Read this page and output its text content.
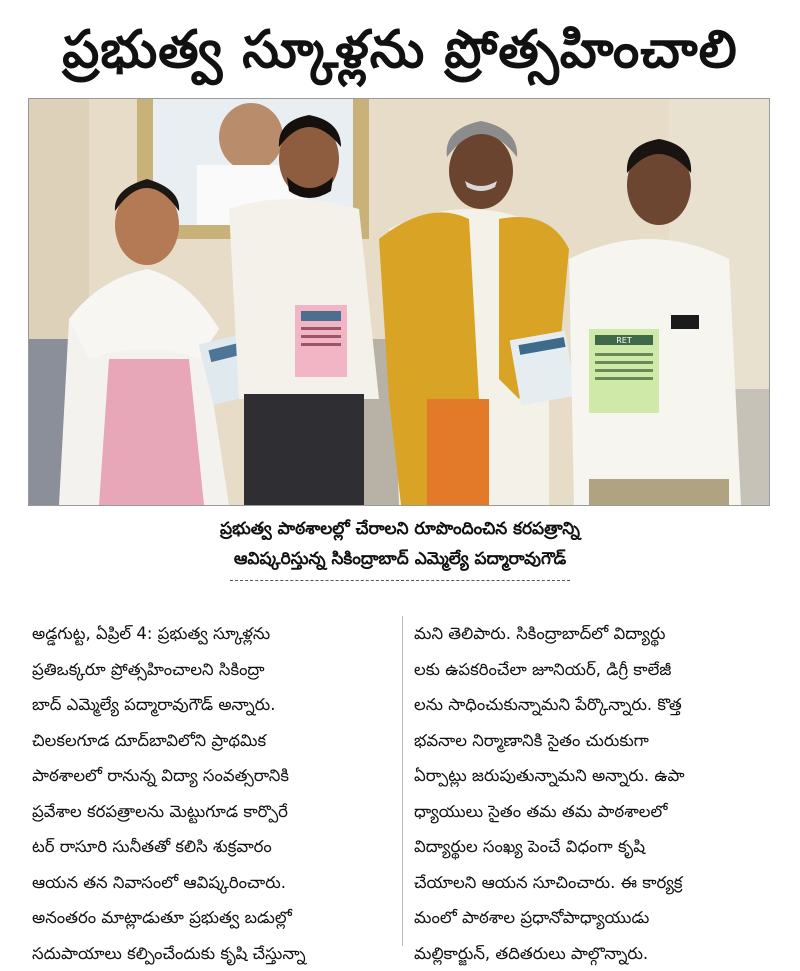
ప్రభుత్వ స్కూళ్లను ప్రోత్సహించాలి
RET
ప్రభుత్వ పాఠశాలల్లో చేరాలని రూపొందించిన కరపత్రాన్ని
ఆవిష్కరిస్తున్న సికింద్రాబాద్ ఎమ్మెల్యే పద్మారావుగౌడ్
అడ్డగుట్ట, ఏప్రిల్ 4: ప్రభుత్వ స్కూళ్లను
ప్రతిఒక్కరూ ప్రోత్సహించాలని సికింద్రా
బాద్ ఎమ్మెల్యే పద్మారావుగౌడ్ అన్నారు.
చిలకలగూడ దూద్‌బావిలోని ప్రాథమిక
పాఠశాలలో రానున్న విద్యా సంవత్సరానికి
ప్రవేశాల కరపత్రాలను మెట్టుగూడ కార్పొరే
టర్ రాసూరి సునీతతో కలిసి శుక్రవారం
ఆయన తన నివాసంలో ఆవిష్కరించారు.
అనంతరం మాట్లాడుతూ ప్రభుత్వ బడుల్లో
సదుపాయాలు కల్పించేందుకు కృషి చేస్తున్నా
మని తెలిపారు. సికింద్రాబాద్‌లో విద్యార్థు
లకు ఉపకరించేలా జూనియర్, డిగ్రీ కాలేజీ
లను సాధించుకున్నామని పేర్కొన్నారు. కొత్త
భవనాల నిర్మాణానికి సైతం చురుకుగా
ఏర్పాట్లు జరుపుతున్నామని అన్నారు. ఉపా
ధ్యాయులు సైతం తమ తమ పాఠశాలలో
విద్యార్థుల సంఖ్య పెంచే విధంగా కృషి
చేయాలని ఆయన సూచించారు. ఈ కార్యక్ర
మంలో పాఠశాల ప్రధానోపాధ్యాయుడు
మల్లికార్జున్, తదితరులు పాల్గొన్నారు.
